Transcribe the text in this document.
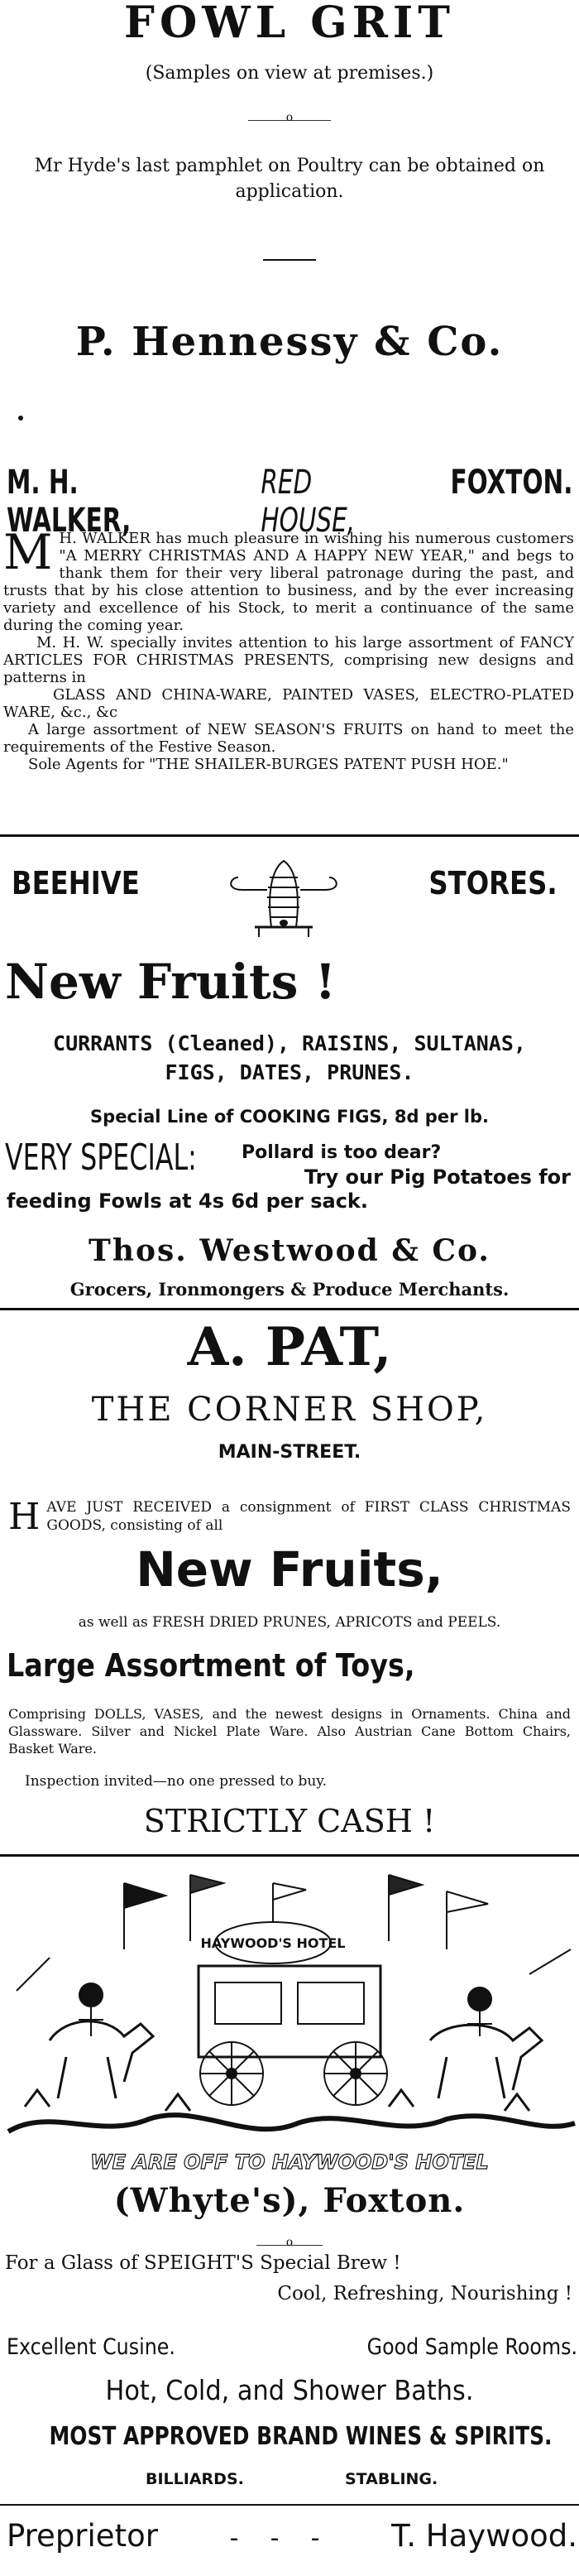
FOWL GRIT
(Samples on view at premises.)
o
Mr Hyde's last pamphlet on Poultry can be obtained on application.
P. Hennessy & Co.
M. H. WALKER,
RED HOUSE,
FOXTON.

M H. WALKER has much pleasure in wishing his numerous customers "A MERRY CHRISTMAS AND A HAPPY NEW YEAR," and begs to thank them for their very liberal patronage during the past, and trusts that by his close attention to business, and by the ever increasing variety and excellence of his Stock, to merit a continuance of the same during the coming year.

M. H. W. specially invites attention to his large assortment of FANCY ARTICLES FOR CHRISTMAS PRESENTS, comprising new designs and patterns in

GLASS AND CHINA-WARE, PAINTED VASES, ELECTRO-PLATED WARE, &c., &c

A large assortment of NEW SEASON'S FRUITS on hand to meet the requirements of the Festive Season.

Sole Agents for "THE SHAILER-BURGES PATENT PUSH HOE."

BEEHIVE	STORES.
New Fruits !
CURRANTS (Cleaned), RAISINS, SULTANAS,
FIGS, DATES, PRUNES.
Special Line of COOKING FIGS, 8d per lb.
VERY SPECIAL: Pollard is too dear?
Try our Pig Potatoes for
feeding Fowls at 4s 6d per sack.
Thos. Westwood & Co.
Grocers, Ironmongers & Produce Merchants.
A. PAT,
THE CORNER SHOP,
MAIN-STREET.

HAVE JUST RECEIVED a consignment of FIRST CLASS CHRISTMAS GOODS, consisting of all

New Fruits,
as well as FRESH DRIED PRUNES, APRICOTS and PEELS.
Large Assortment of Toys,
Comprising DOLLS, VASES, and the newest designs in Ornaments. China and Glassware. Silver and Nickel Plate Ware. Also Austrian Cane Bottom Chairs, Basket Ware.
Inspection invited—no one pressed to buy.
STRICTLY CASH !
HAYWOOD'S HOTEL
WE ARE OFF TO HAYWOOD'S HOTEL
(Whyte's), Foxton.
o
For a Glass of SPEIGHT'S Special Brew !
Cool, Refreshing, Nourishing !
Excellent Cusine.	Good Sample Rooms.
Hot, Cold, and Shower Baths.
MOST APPROVED BRAND WINES & SPIRITS.
BILLIARDS.	STABLING.
Preprietor	-    -    - T. Haywood.
